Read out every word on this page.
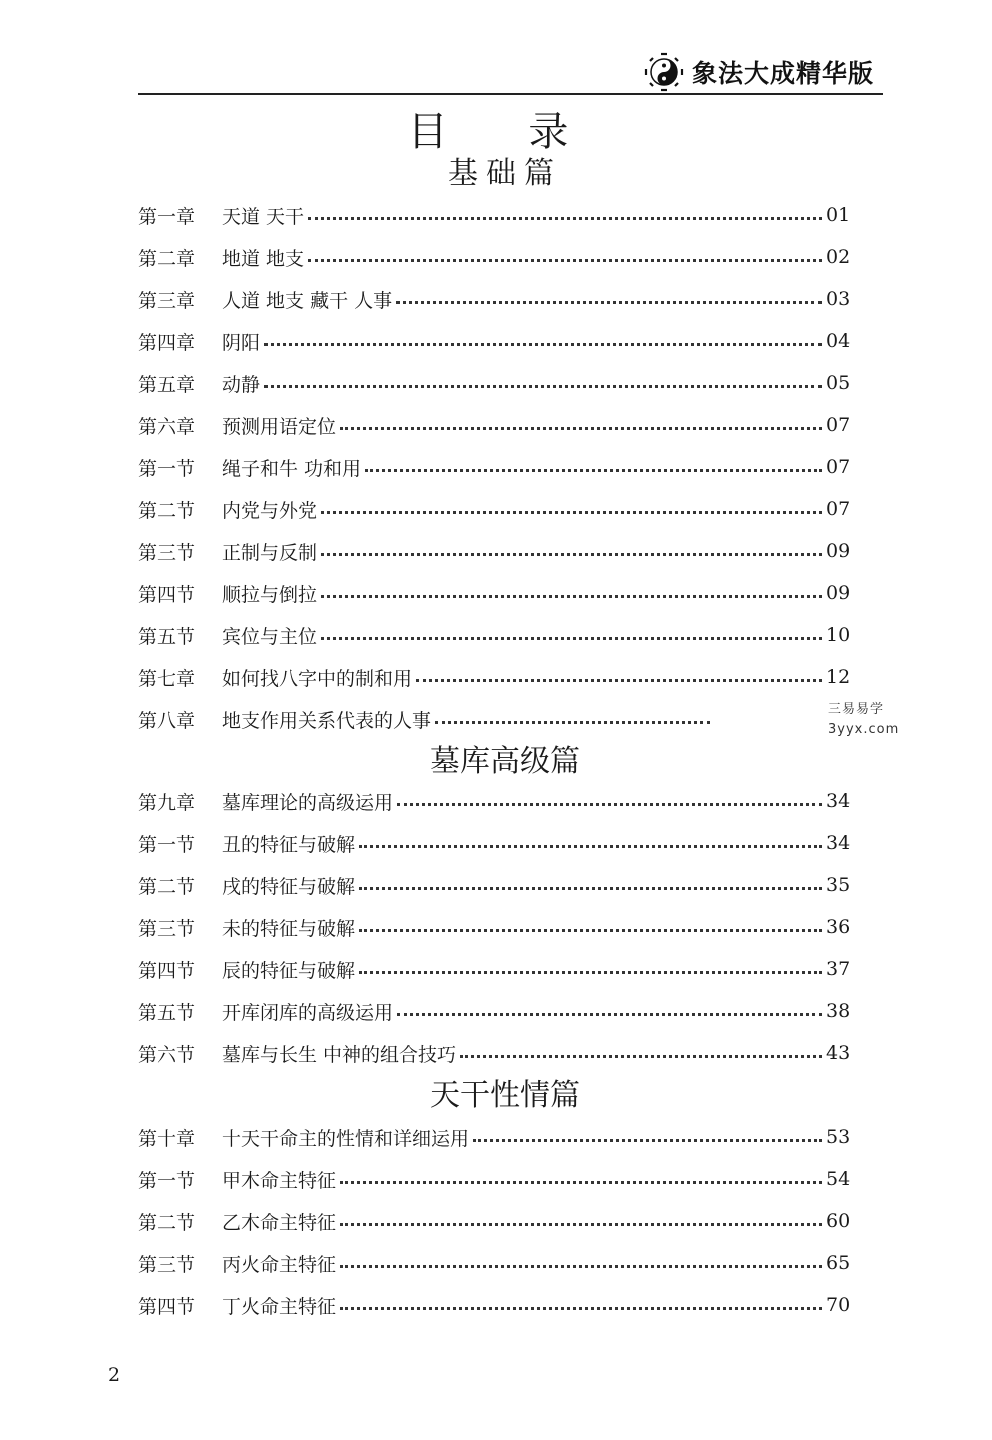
象法大成精华版
目 录
基础篇
第一章	天道 天干	01
第二章	地道 地支	02
第三章	人道 地支 藏干 人事	03
第四章	阴阳	04
第五章	动静	05
第六章	预测用语定位	07
第一节	绳子和牛 功和用	07
第二节	内党与外党	07
第三节	正制与反制	09
第四节	顺拉与倒拉	09
第五节	宾位与主位	10
第七章	如何找八字中的制和用	12
第八章	地支作用关系代表的人事
墓库高级篇
第九章	墓库理论的高级运用	34
第一节	丑的特征与破解	34
第二节	戌的特征与破解	35
第三节	未的特征与破解	36
第四节	辰的特征与破解	37
第五节	开库闭库的高级运用	38
第六节	墓库与长生 中神的组合技巧	43
天干性情篇
第十章	十天干命主的性情和详细运用	53
第一节	甲木命主特征	54
第二节	乙木命主特征	60
第三节	丙火命主特征	65
第四节	丁火命主特征	70
三易易学
3yyx.com
2
